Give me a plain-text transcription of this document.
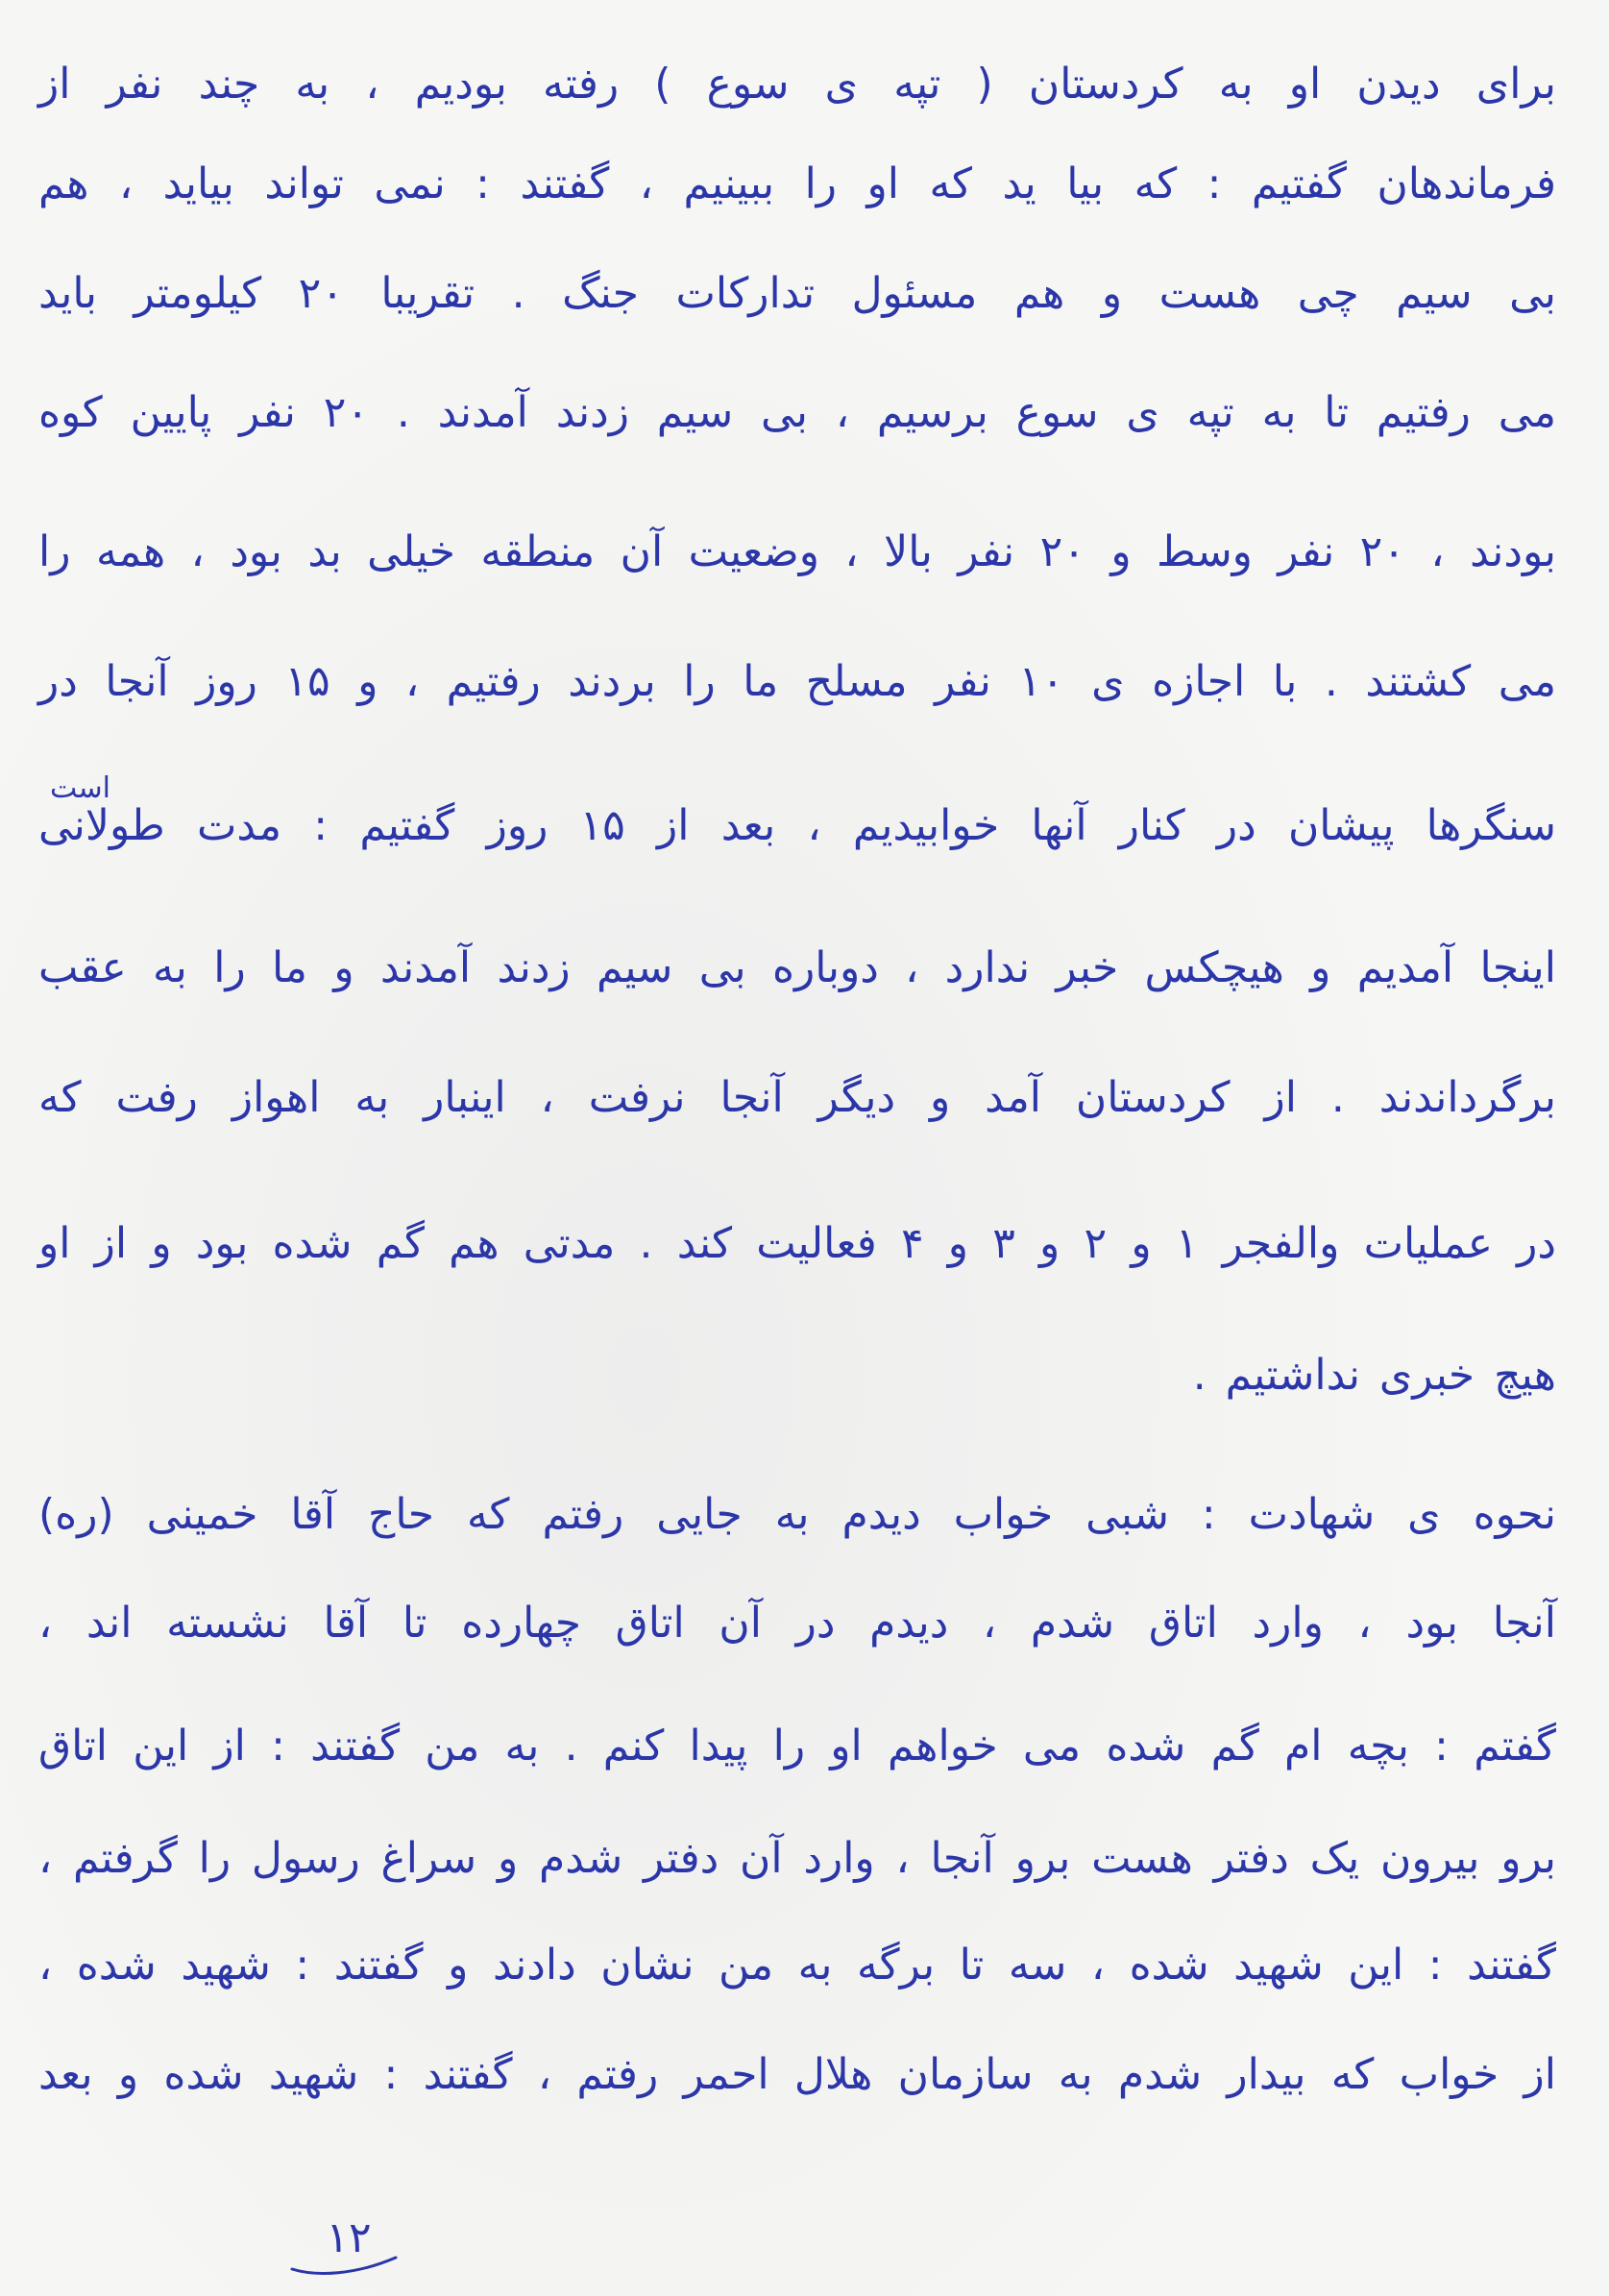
برای دیدن او به کردستان ( تپه ی سوع ) رفته بودیم ، به چند نفر از
فرماندهان گفتیم : که بیا ید که او را ببینیم ، گفتند : نمی تواند بیاید ، هم
بی سیم چی هست و هم مسئول تدارکات جنگ . تقریبا ۲۰ کیلومتر باید
می رفتیم تا به تپه ی سوع برسیم ، بی سیم زدند آمدند . ۲۰ نفر پایین کوه
بودند ، ۲۰ نفر وسط و ۲۰ نفر بالا ، وضعیت آن منطقه خیلی بد بود ، همه را
می کشتند . با اجازه ی ۱۰ نفر مسلح ما را بردند رفتیم ، و ۱۵ روز آنجا در
است
سنگرها پیشان در کنار آنها خوابیدیم ، بعد از ۱۵ روز گفتیم : مدت طولانی
اینجا آمدیم و هیچکس خبر ندارد ، دوباره بی سیم زدند آمدند و ما را به عقب
برگرداندند . از کردستان آمد و دیگر آنجا نرفت ، اینبار به اهواز رفت که
در عملیات والفجر ۱ و ۲ و ۳ و ۴ فعالیت کند . مدتی هم گم شده بود و از او
هیچ خبری نداشتیم .
نحوه ی شهادت : شبی خواب دیدم به جایی رفتم که حاج آقا خمینی (ره)
آنجا بود ، وارد اتاق شدم ، دیدم در آن اتاق چهارده تا آقا نشسته اند ،
گفتم : بچه ام گم شده می خواهم او را پیدا کنم . به من گفتند : از این اتاق
برو بیرون یک دفتر هست برو آنجا ، وارد آن دفتر شدم و سراغ رسول را گرفتم ،
گفتند : این شهید شده ، سه تا برگه به من نشان دادند و گفتند : شهید شده ،
از خواب که بیدار شدم به سازمان هلال احمر رفتم ، گفتند : شهید شده و بعد
۱۲
